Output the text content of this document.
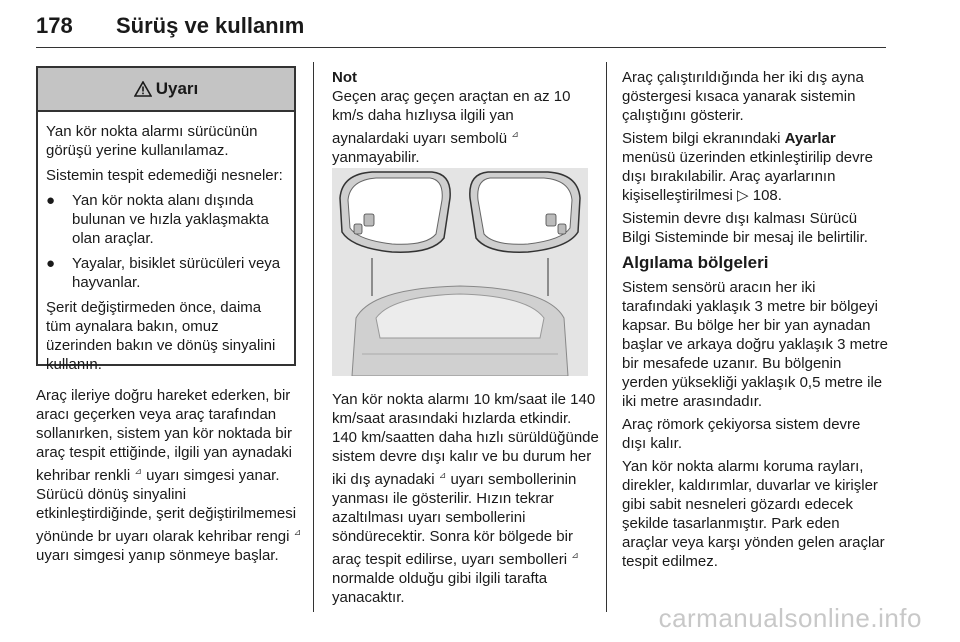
178 Sürüş ve kullanım
Uyarı

Yan kör nokta alarmı sürücünün görüşü yerine kullanılamaz.

Sistemin tespit edemediği nesneler:

●	Yan kör nokta alanı dışında bulunan ve hızla yaklaşmakta olan araçlar.
●	Yayalar, bisiklet sürücüleri veya hayvanlar.

Şerit değiştirmeden önce, daima tüm aynalara bakın, omuz üzerinden bakın ve dönüş sinyalini kullanın.

Araç ileriye doğru hareket ederken, bir aracı geçerken veya araç tarafından sollanırken, sistem yan kör noktada bir araç tespit ettiğinde, ilgili yan aynadaki kehribar renkli ⊿ uyarı simgesi yanar. Sürücü dönüş sinyalini etkinleştirdiğinde, şerit değiştirilmemesi yönünde br uyarı olarak kehribar rengi ⊿ uyarı simgesi yanıp sönmeye başlar.

Not

Geçen araç geçen araçtan en az 10 km/s daha hızlıysa ilgili yan aynalardaki uyarı sembolü ⊿ yanmayabilir.

Yan kör nokta alarmı 10 km/saat ile 140 km/saat arasındaki hızlarda etkindir. 140 km/saatten daha hızlı sürüldüğünde sistem devre dışı kalır ve bu durum her iki dış aynadaki ⊿ uyarı sembollerinin yanması ile gösterilir. Hızın tekrar azaltılması uyarı sembollerini söndürecektir. Sonra kör bölgede bir araç tespit edilirse, uyarı sembolleri ⊿ normalde olduğu gibi ilgili tarafta yanacaktır.

Araç çalıştırıldığında her iki dış ayna göstergesi kısaca yanarak sistemin çalıştığını gösterir.

Sistem bilgi ekranındaki Ayarlar menüsü üzerinden etkinleştirilip devre dışı bırakılabilir. Araç ayarlarının kişiselleştirilmesi ▷ 108.

Sistemin devre dışı kalması Sürücü Bilgi Sisteminde bir mesaj ile belirtilir.

Algılama bölgeleri

Sistem sensörü aracın her iki tarafındaki yaklaşık 3 metre bir bölgeyi kapsar. Bu bölge her bir yan aynadan başlar ve arkaya doğru yaklaşık 3 metre bir mesafede uzanır. Bu bölgenin yerden yüksekliği yaklaşık 0,5 metre ile iki metre arasındadır.

Araç römork çekiyorsa sistem devre dışı kalır.

Yan kör nokta alarmı koruma rayları, direkler, kaldırımlar, duvarlar ve kirişler gibi sabit nesneleri gözardı edecek şekilde tasarlanmıştır. Park eden araçlar veya karşı yönden gelen araçlar tespit edilmez.

carmanualsonline.info
